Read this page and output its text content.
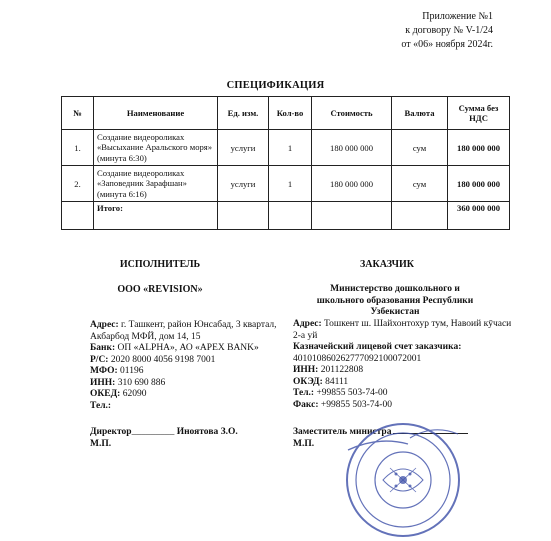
Приложение №1
к договору № V-1/24
от «06» ноября 2024г.
СПЕЦИФИКАЦИЯ
№	Наименование	Ед. изм.	Кол-во	Стоимость	Валюта	Сумма без НДС
1.	Создание видеороликах «Высыхание Аральского моря» (минута 6:30)	услуги	1	180 000 000	сум	180 000 000
2.	Создание видеороликах «Заповедник Зарафшан» (минута 6:16)	услуги	1	180 000 000	сум	180 000 000
	Итого:					360 000 000
ИСПОЛНИТЕЛЬ
ООО «REVISION»
Адрес: г. Ташкент, район Юнсабад, 3 квартал, Акбарбод МФЙ, дом 14, 15
Банк: ОП «ALPHA», АО «APEX BANK»
Р/С: 2020 8000 4056 9198 7001
МФО: 01196
ИНН: 310 690 886
ОКЕД: 62090
Тел.:
Директор_________ Иноятова З.О.
М.П.
ЗАКАЗЧИК
Министерство дошкольного и
школьного образования Республики
Узбекистан
Адрес: Тошкент ш. Шайхонтохур тум, Навоий кӯчаси 2-а уй
Казначейский лицевой счет заказчика:
401010860262777092100072001
ИНН: 201122808
ОКЭД: 84111
Тел.: +99855 503-74-00
Факс: +99855 503-74-00
Заместитель министра
М.П.
